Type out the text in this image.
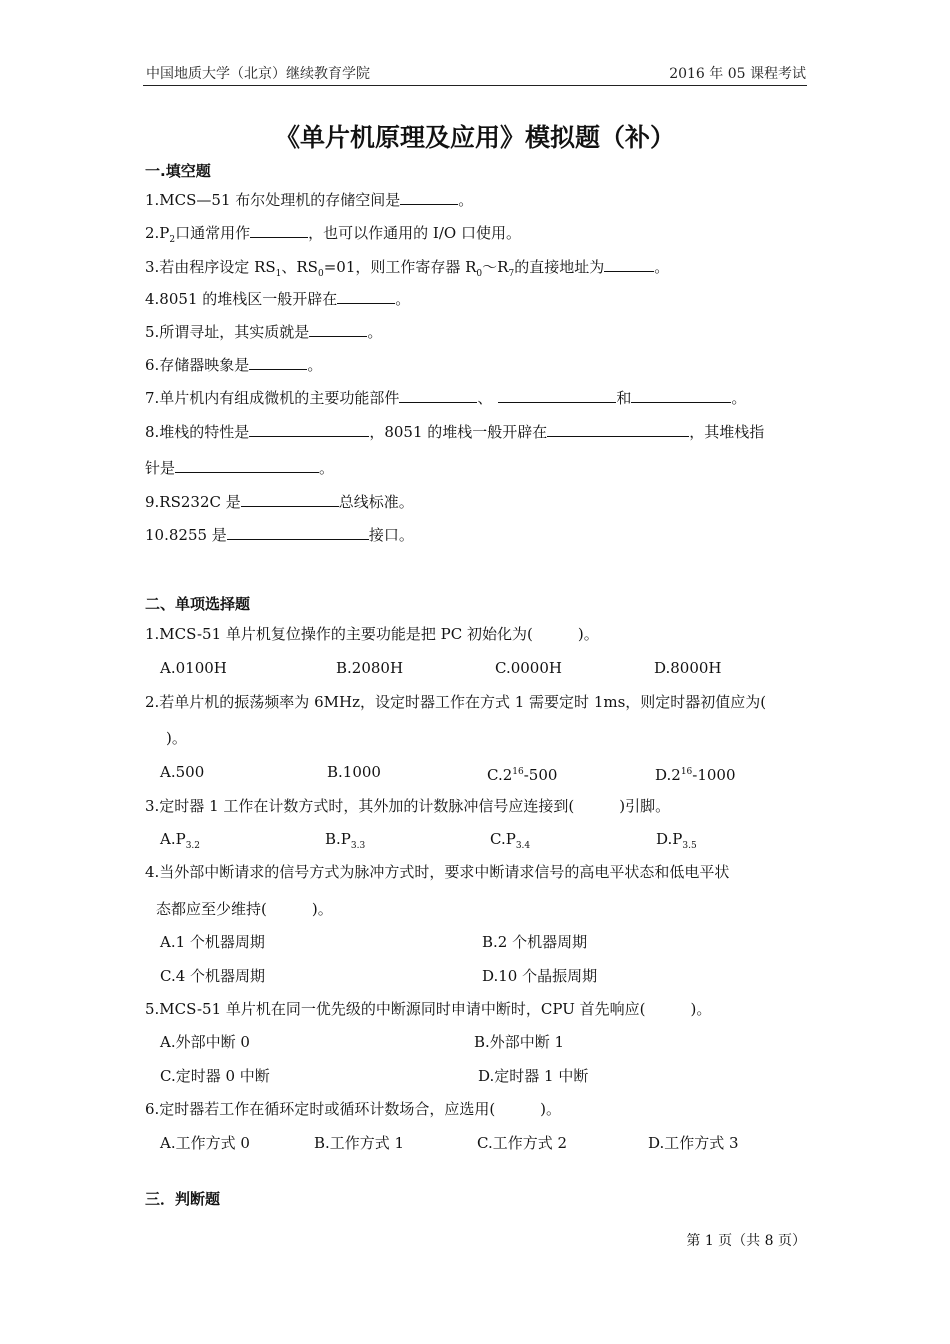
中国地质大学（北京）继续教育学院	2016 年 05 课程考试
《单片机原理及应用》模拟题（补）
一.填空题
1.MCS—51 布尔处理机的存储空间是	。
$2.P_2$口通常用作	，也可以作通用的 I/O 口使用。
3.若由程序设定 $RS_1$、$RS_0=01$，则工作寄存器 $R_0\sim R_7$的直接地址为	。
4.8051 的堆栈区一般开辟在	。
5.所谓寻址，其实质就是	。
6.存储器映象是	。
7.单片机内有组成微机的主要功能部件	、	和	。
8.堆栈的特性是	，8051 的堆栈一般开辟在	，其堆栈指
针是	。
9.RS232C 是	总线标准。
10.8255 是	接口。
二、单项选择题
1.MCS-51 单片机复位操作的主要功能是把 PC 初始化为(　　　)。
A.0100H	B.2080H	C.0000H	D.8000H
2.若单片机的振荡频率为 6MHz，设定时器工作在方式 1 需要定时 1ms，则定时器初值应为(
)。
A.500	B.1000	$C.2^{16}-500$	$D.2^{16}-1000$
3.定时器 1 工作在计数方式时，其外加的计数脉冲信号应连接到(　　　)引脚。
$A.P_{3.2}$	$B.P_{3.3}$	$C.P_{3.4}$	$D.P_{3.5}$
4.当外部中断请求的信号方式为脉冲方式时，要求中断请求信号的高电平状态和低电平状
态都应至少维持(　　　)。
A.1 个机器周期	B.2 个机器周期
C.4 个机器周期	D.10 个晶振周期
5.MCS-51 单片机在同一优先级的中断源同时申请中断时，CPU 首先响应(　　　)。
A.外部中断 0	B.外部中断 1
C.定时器 0 中断	D.定时器 1 中断
6.定时器若工作在循环定时或循环计数场合，应选用(　　　)。
A.工作方式 0	B.工作方式 1	C.工作方式 2	D.工作方式 3
三．判断题
第 1 页（共 8 页）
